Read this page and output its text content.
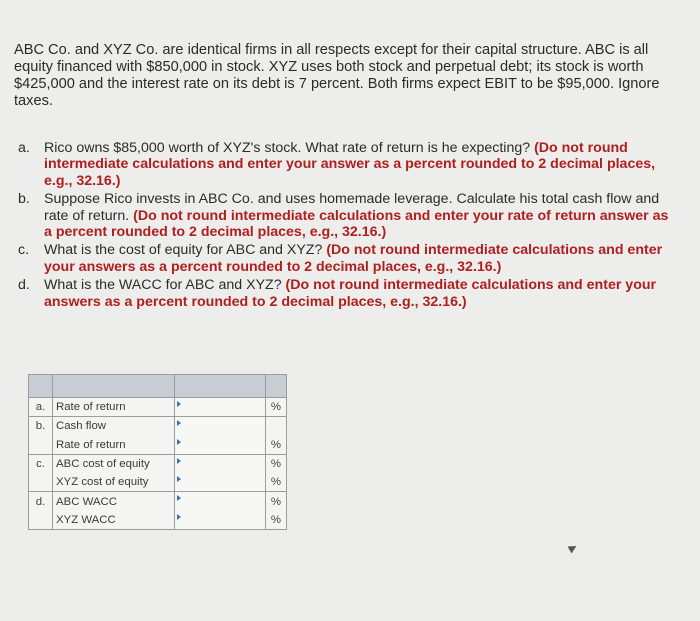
ABC Co. and XYZ Co. are identical firms in all respects except for their capital structure. ABC is all equity financed with $850,000 in stock. XYZ uses both stock and perpetual debt; its stock is worth $425,000 and the interest rate on its debt is 7 percent. Both firms expect EBIT to be $95,000. Ignore taxes.
a. Rico owns $85,000 worth of XYZ's stock. What rate of return is he expecting? (Do not round intermediate calculations and enter your answer as a percent rounded to 2 decimal places, e.g., 32.16.)
b. Suppose Rico invests in ABC Co. and uses homemade leverage. Calculate his total cash flow and rate of return. (Do not round intermediate calculations and enter your rate of return answer as a percent rounded to 2 decimal places, e.g., 32.16.)
c.	What is the cost of equity for ABC and XYZ? (Do not round intermediate calculations and enter your answers as a percent rounded to 2 decimal places, e.g., 32.16.)
d. What is the WACC for ABC and XYZ? (Do not round intermediate calculations and enter your answers as a percent rounded to 2 decimal places, e.g., 32.16.)

a.	Rate of return		%
b.	Cash flow	

	Rate of return		%
c.	ABC cost of equity		%
	XYZ cost of equity		%
d.	ABC WACC		%
	XYZ WACC		%
